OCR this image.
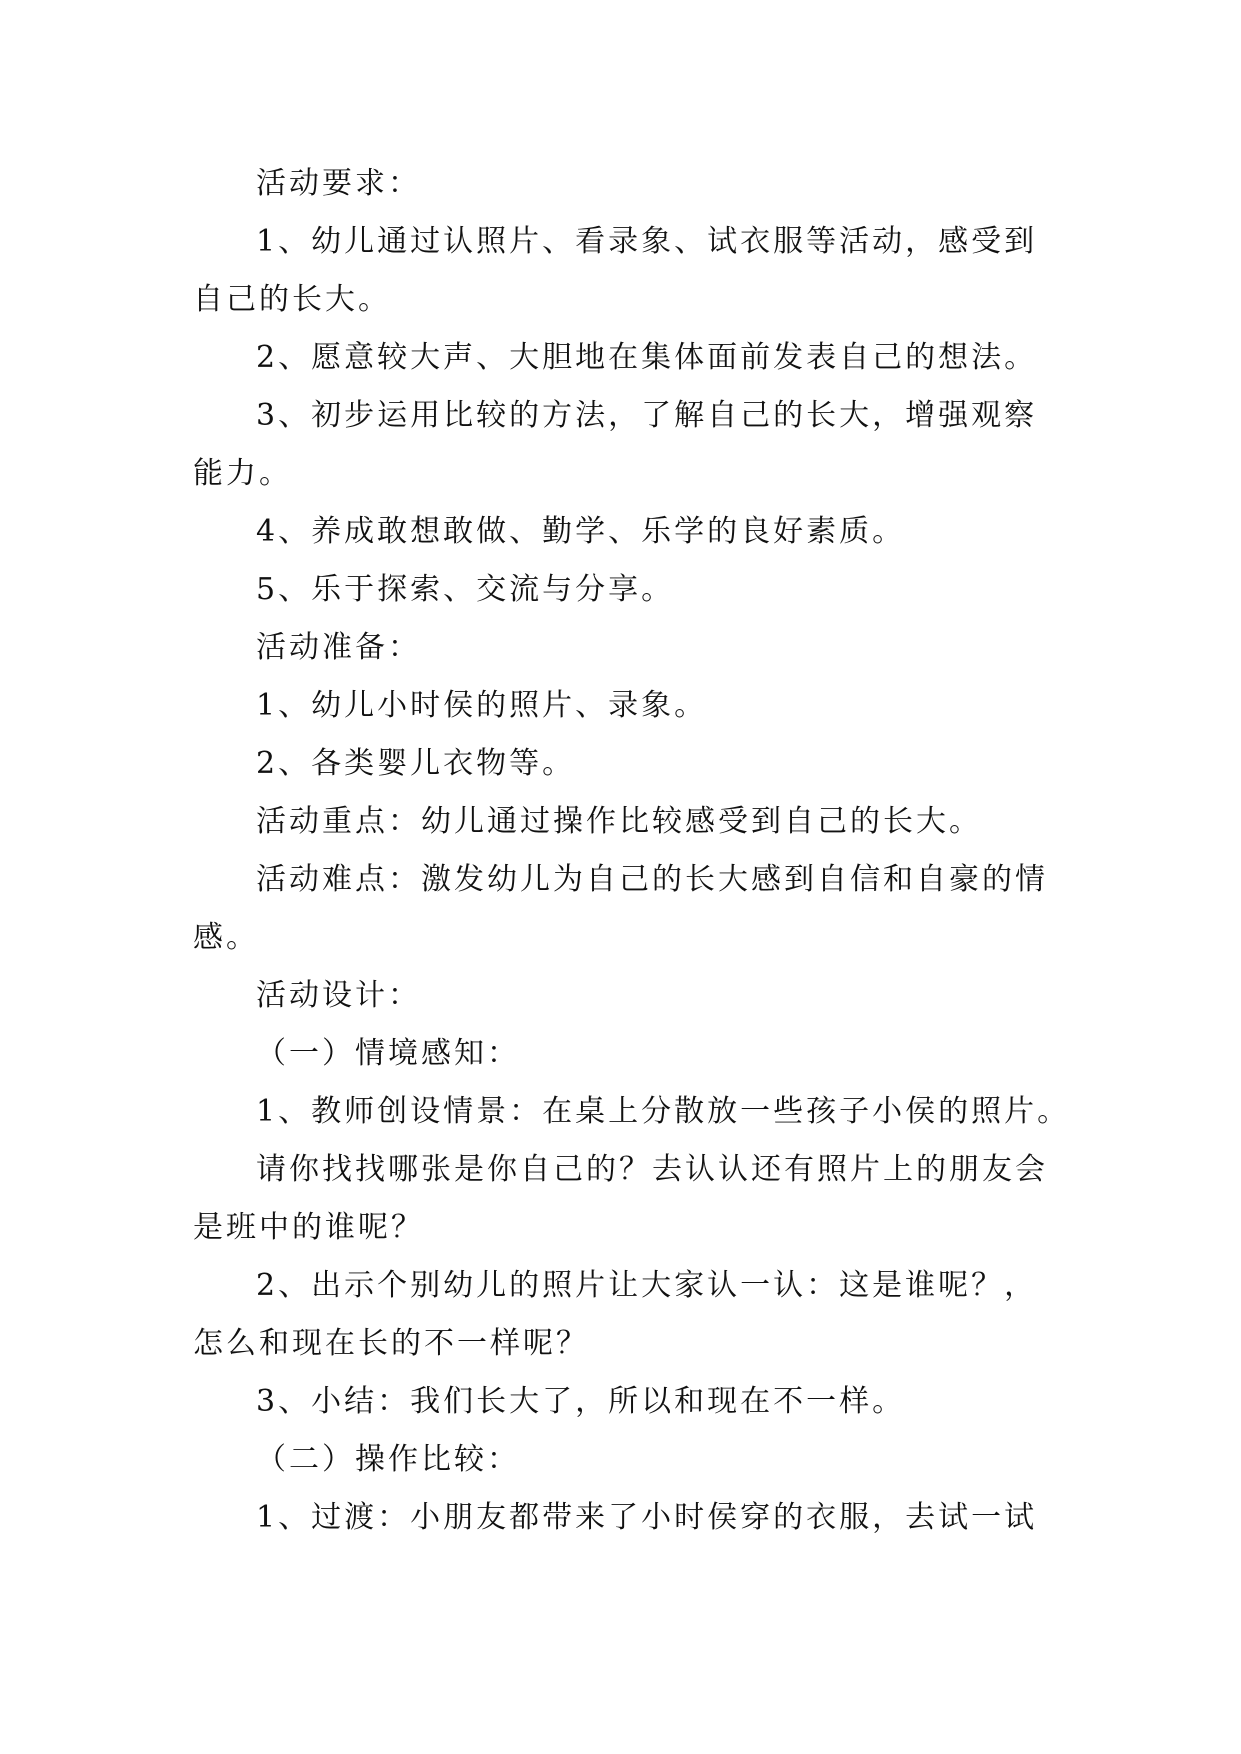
活动要求：

1、幼儿通过认照片、看录象、试衣服等活动，感受到自己的长大。

2、愿意较大声、大胆地在集体面前发表自己的想法。

3、初步运用比较的方法，了解自己的长大，增强观察能力。

4、养成敢想敢做、勤学、乐学的良好素质。

5、乐于探索、交流与分享。

活动准备：

1、幼儿小时侯的照片、录象。

2、各类婴儿衣物等。

活动重点：幼儿通过操作比较感受到自己的长大。

活动难点：激发幼儿为自己的长大感到自信和自豪的情感。

活动设计：

（一）情境感知：

1、教师创设情景：在桌上分散放一些孩子小侯的照片。

请你找找哪张是你自己的？去认认还有照片上的朋友会是班中的谁呢？

2、出示个别幼儿的照片让大家认一认：这是谁呢？，怎么和现在长的不一样呢？

3、小结：我们长大了，所以和现在不一样。

（二）操作比较：

1、过渡：小朋友都带来了小时侯穿的衣服，去试一试
